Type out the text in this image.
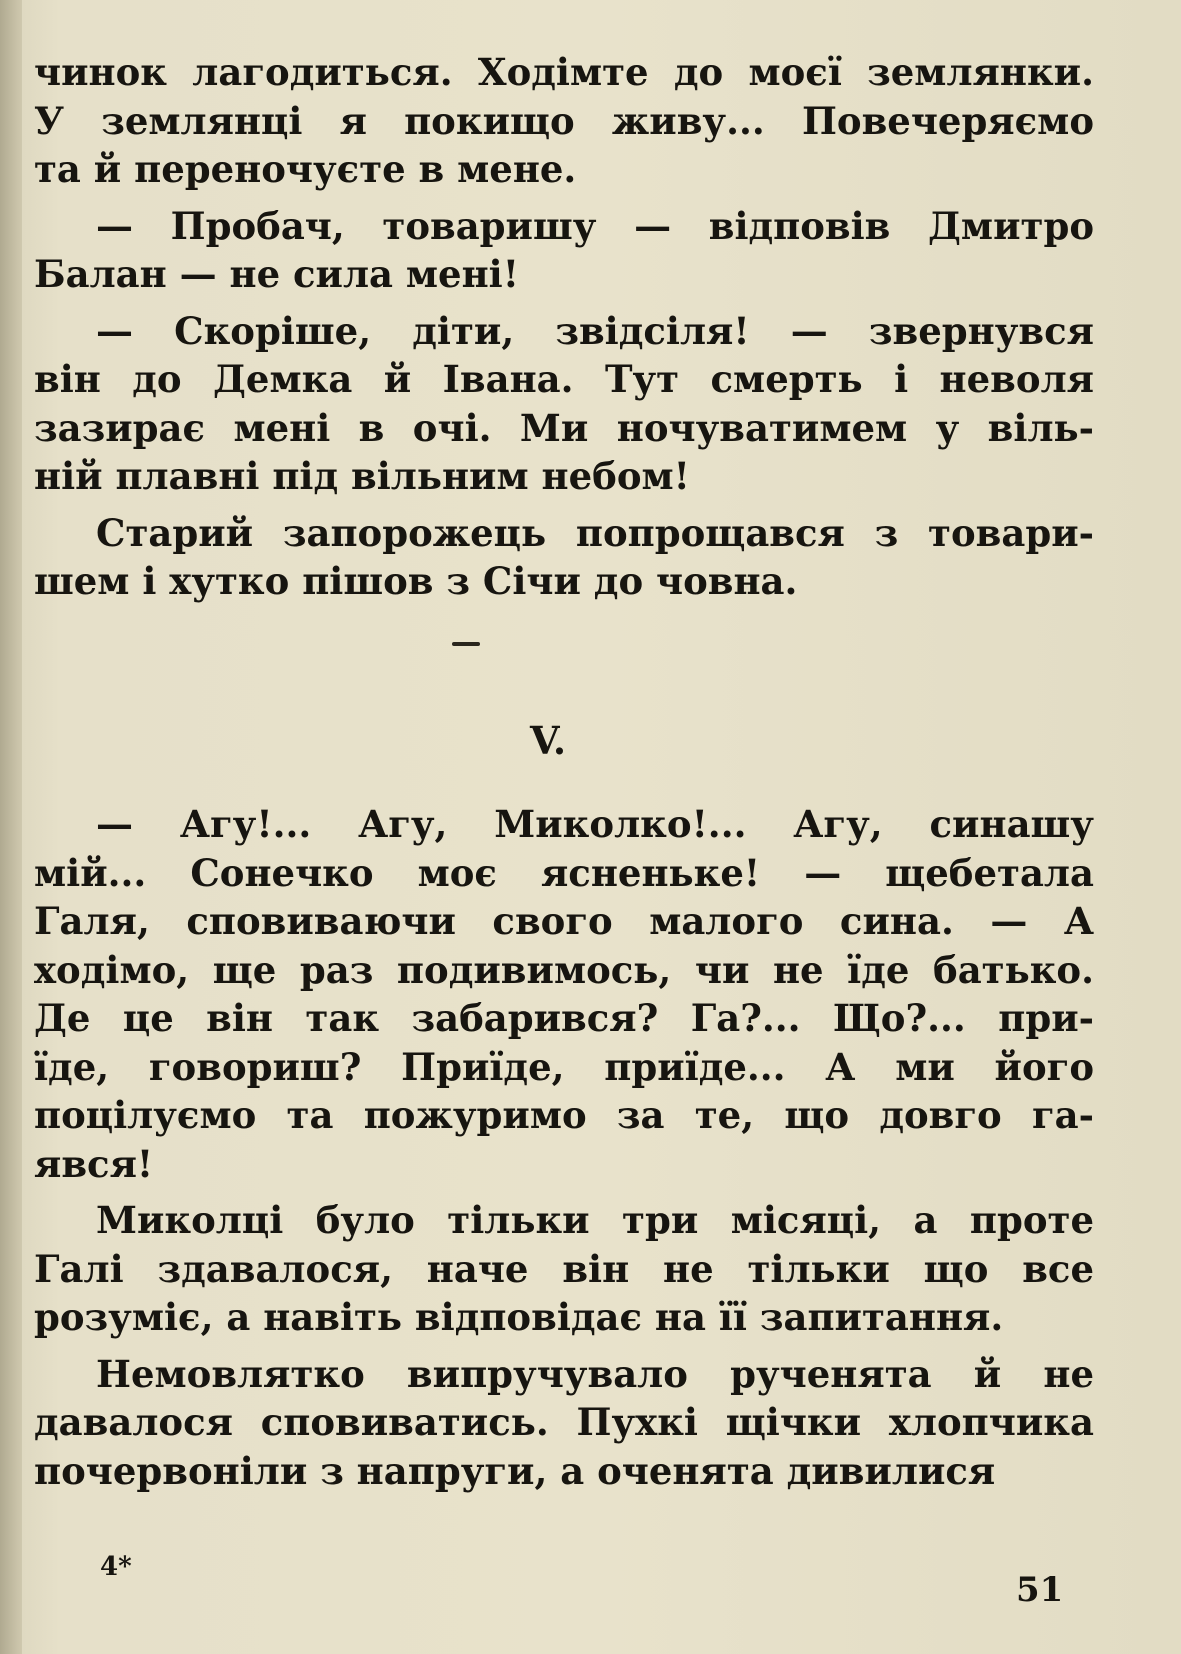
чинок лагодиться. Ходімте до моєї землянки.
У землянці я покищо живу... Повечеряємо
та й переночуєте в мене.
— Пробач, товаришу — відповів Дмитро
Балан — не сила мені!
— Скоріше, діти, звідсіля! — звернувся
він до Демка й Івана. Тут смерть і неволя
зазирає мені в очі. Ми ночуватимем у віль-
ній плавні під вільним небом!
Старий запорожець попрощався з товари-
шем і хутко пішов з Січи до човна.
V.
— Агу!... Агу, Миколко!... Агу, синашу
мій... Сонечко моє ясненьке! — щебетала
Галя, сповиваючи свого малого сина. — А
ходімо, ще раз подивимось, чи не їде батько.
Де це він так забарився? Га?... Що?... при-
їде, говориш? Приїде, приїде... А ми його
поцілуємо та пожуримо за те, що довго га-
явся!
Миколці було тільки три місяці, а проте
Галі здавалося, наче він не тільки що все
розуміє, а навіть відповідає на її запитання.
Немовлятко випручувало рученята й не
давалося сповиватись. Пухкі щічки хлопчика
почервоніли з напруги, а оченята дивилися
4*
51
